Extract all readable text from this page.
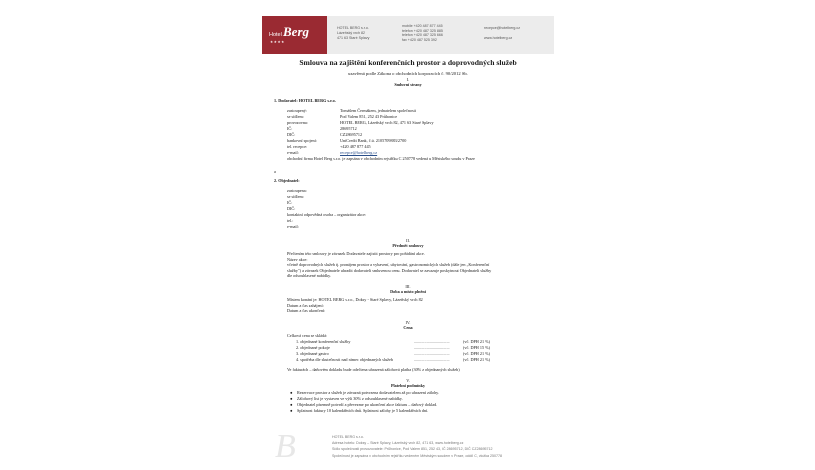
Hotel Berg
★★★★
HOTEL BERG s.r.o.
Lázeňský vrch 82
471 63 Staré Splavy
mobile +420 487 877 445
telefon +420 487 325 885
telefon +420 487 325 666
fax +420 487 525 392
recepce@hotelberg.cz

www.hotelberg.cz
Smlouva na zajištění konferenčních prostor a doprovodných služeb
uzavřená podle Zákona o obchodních korporacích č. 90/2012 Sb.
I.
Smluvní strany
1. Dodavatel: HOTEL BERG s.r.o.
obchodní firma Hotel Berg s.r.o. je zapsána v obchodním rejstříku C 250778 vedená u Městského soudu v Praze
a
2. Objednatel:
II.
Předmět smlouvy
III.
Doba a místo plnění
IV.
Cena
Celková cena se skládá:
Ve fakturách – daňovém dokladu bude odečtena uhrazená zálohová platba (30% z objednaných služeb)
V.
Platební podmínky
B	HOTEL BERG s.r.o.
Adresa hotelu: Doksy – Staré Splavy, Lázeňský vrch 82, 471 63, www.hotelberg.cz
Sídlo společnosti provozovatele: Průhonice, Pod Valem 851, 252 43, IČ 28695712, DIČ CZ28695712
Společnost je zapsána v obchodním rejstříku vedeném Městským soudem v Praze, oddíl C, vložka 250778
zastoupený:	Tomášem Čermákem, jednatelem společnosti
se sídlem:	Pod Valem 851, 252 43 Průhonice
provozovna:	HOTEL BERG, Lázeňský vrch 82, 471 63 Staré Splavy
IČ:	28695712
DIČ:	CZ28695712
bankovní spojení:	UniCredit Bank, č.ú. 2105709883/2700
tel. recepce:	+420 487 877 445
e-mail:	recepce@hotelberg.cz
zastoupena:
se sídlem:
IČ:
DIČ:
kontaktní odpovědná osoba – organizátor akce:
tel.:
e-mail:
Přečtením této smlouvy je závazek Dodavatele zajistit prostory pro pořádání akce.
Název akce:
včetně doprovodných služeb tj. pronájem prostor a vybavení, ubytování, gastronomických služeb (dále jen „Konferenční
služby") a závazek Objednatele uhradit dodavateli smluvenou cenu. Dodavatel se zavazuje poskytnout Objednateli služby
dle odsouhlasené nabídky.
Místem konání je: HOTEL BERG s.r.o., Doksy - Staré Splavy, Lázeňský vrch 82
Datum a čas zahájení:
Datum a čas ukončení:
1. objednané konferenční služby	..................................	(vč. DPH 21 %)
2. objednané pokoje	..................................	(vč. DPH 15 %)
3. objednané gastro	..................................	(vč. DPH 21 %)
4. spotřeba dle skutečnosti nad rámec objednaných služeb	..................................	(vč. DPH 21 %)
● Rezervace prostor a služeb je závazná potvrzena dodavatelem až po uhrazení zálohy.
● Zálohový list je vystaven ve výši 30% z odsouhlasené nabídky.
● Objednatel písemně potvrdí a převezme po ukončení akce fakturu – daňový doklad.
● Splatnost faktury 10 kalendářních dnů. Splatnost zálohy je 5 kalendářních dní.
